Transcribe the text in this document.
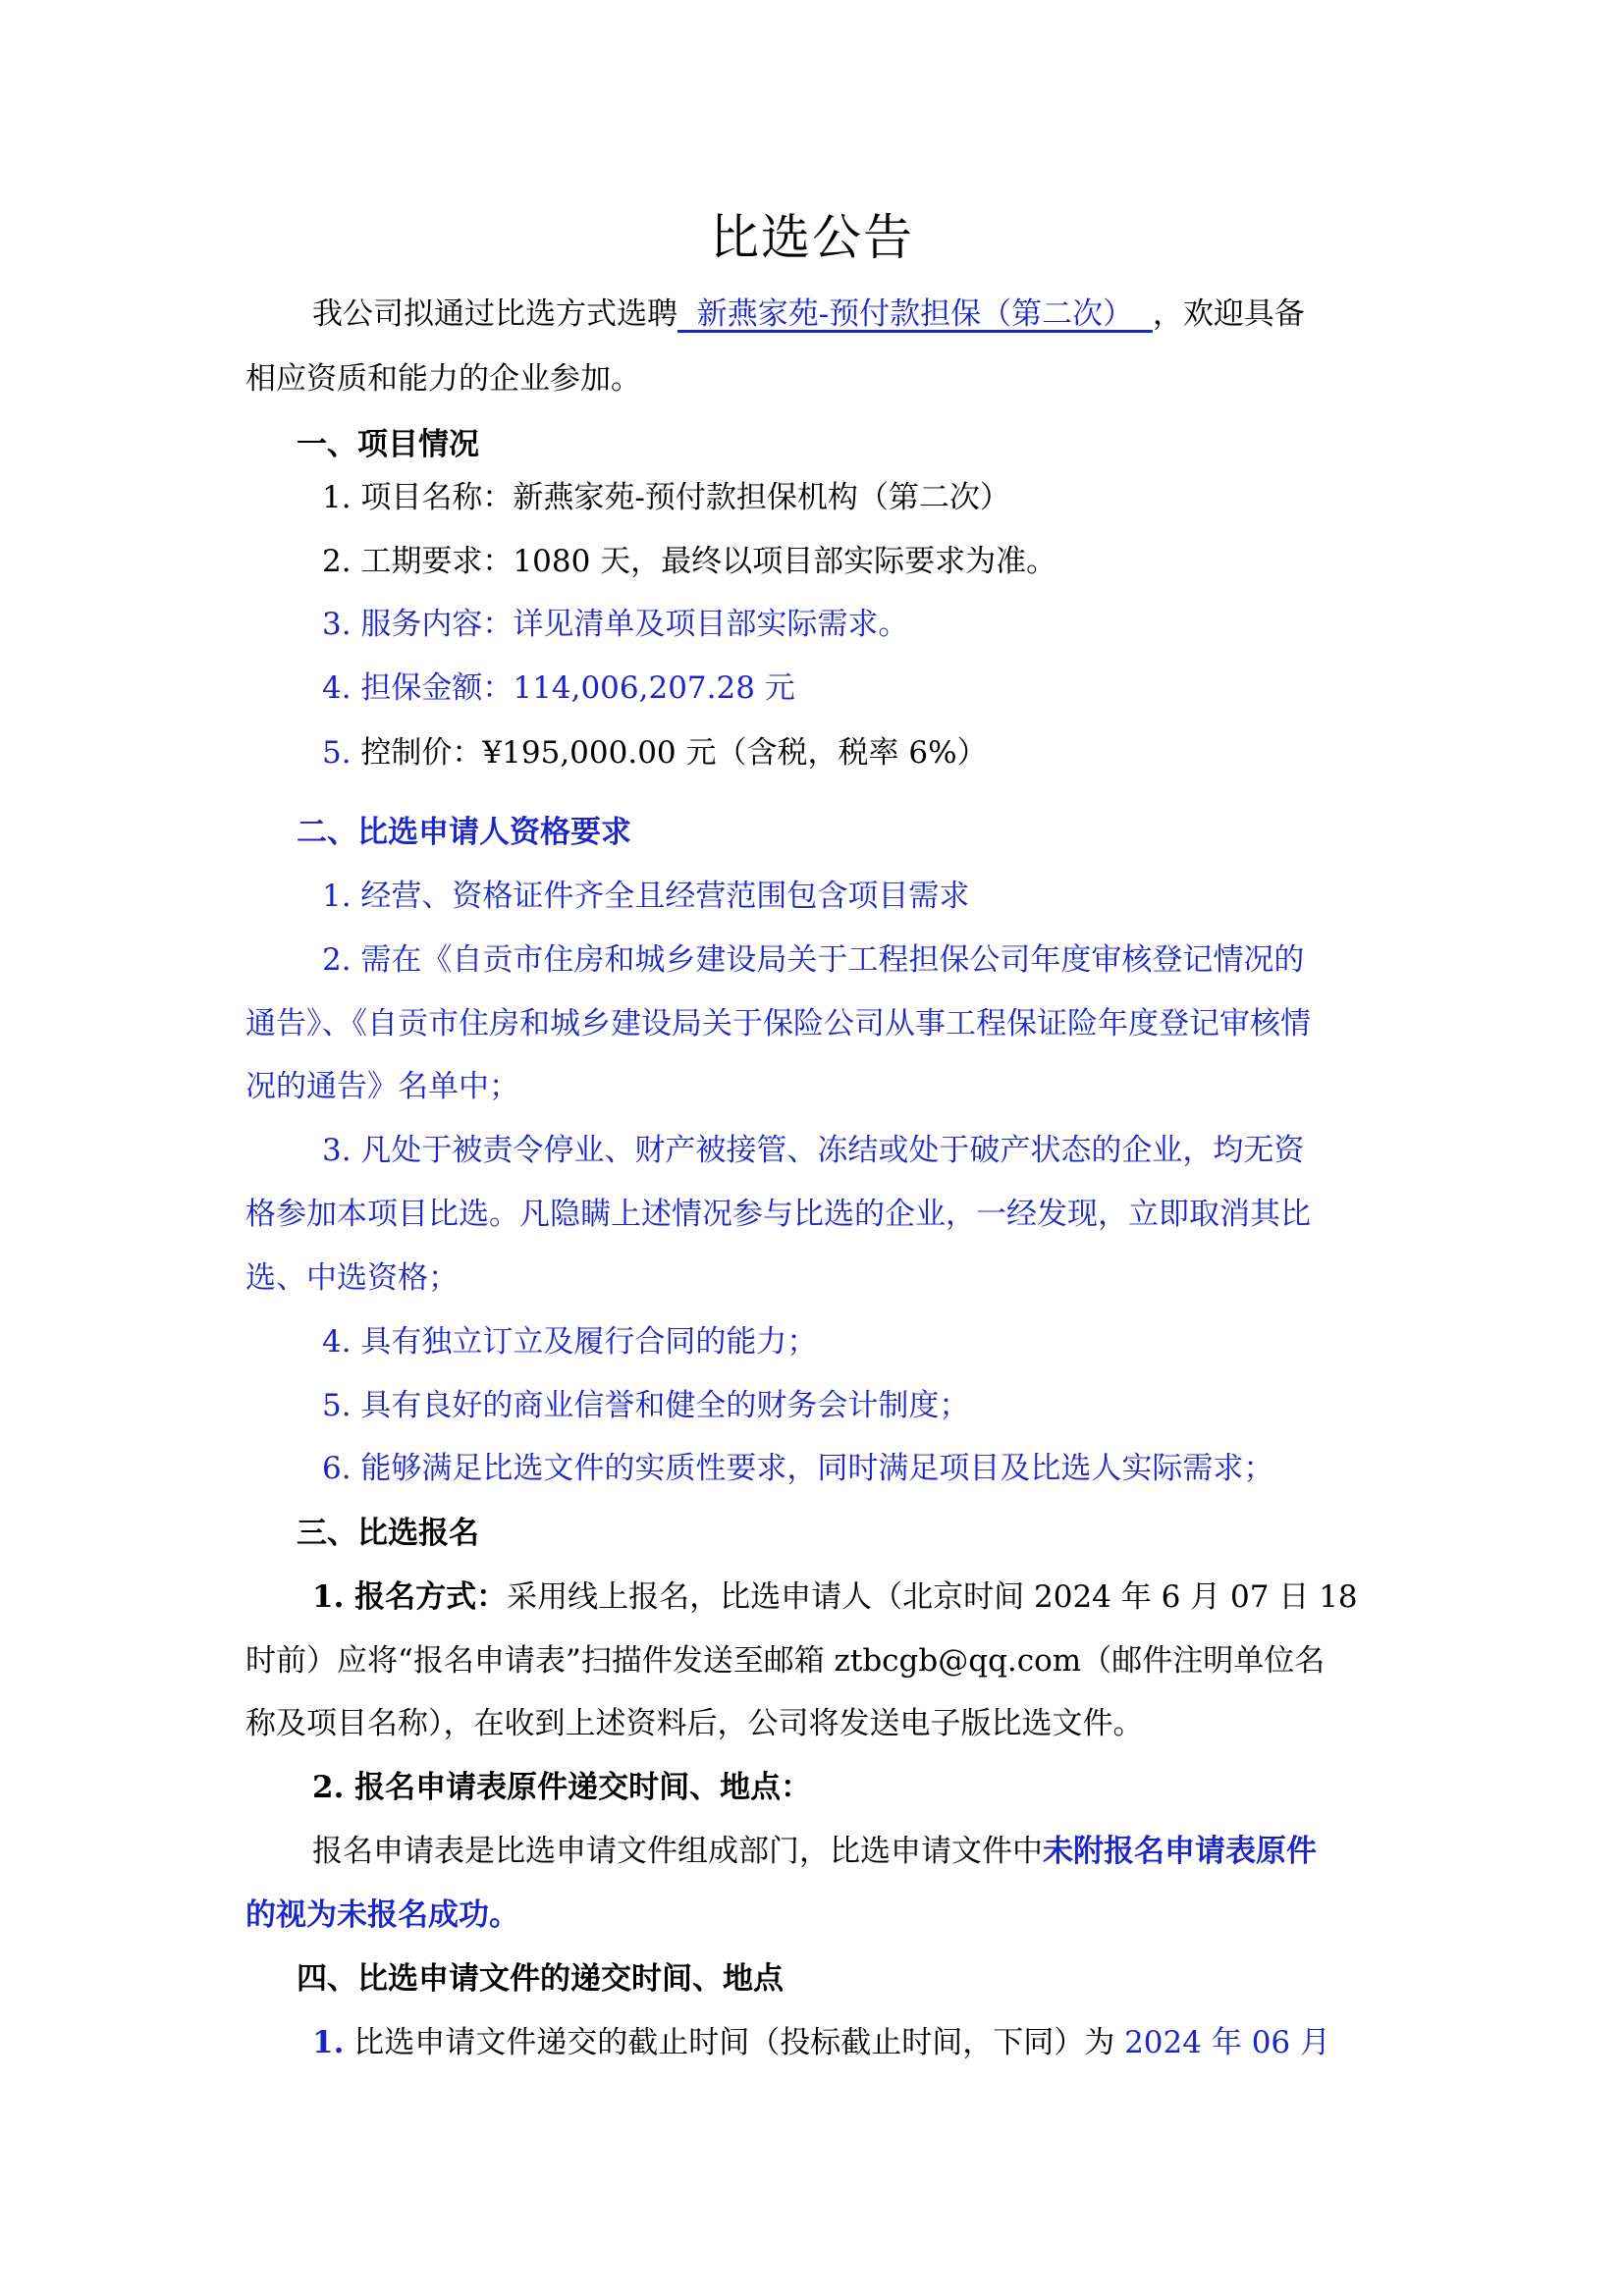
比选公告
我公司拟通过比选方式选聘  新燕家苑-预付款担保（第二次）  ，欢迎具备
相应资质和能力的企业参加。
一、项目情况
1. 项目名称：新燕家苑-预付款担保机构（第二次）
2. 工期要求：1080 天，最终以项目部实际要求为准。
3. 服务内容：详见清单及项目部实际需求。
4. 担保金额：114,006,207.28 元
5. 控制价：¥195,000.00 元（含税，税率 6%）
二、比选申请人资格要求
1. 经营、资格证件齐全且经营范围包含项目需求
2. 需在《自贡市住房和城乡建设局关于工程担保公司年度审核登记情况的
通告》、《自贡市住房和城乡建设局关于保险公司从事工程保证险年度登记审核情
况的通告》名单中；
3. 凡处于被责令停业、财产被接管、冻结或处于破产状态的企业，均无资
格参加本项目比选。凡隐瞒上述情况参与比选的企业，一经发现，立即取消其比
选、中选资格；
4. 具有独立订立及履行合同的能力；
5. 具有良好的商业信誉和健全的财务会计制度；
6. 能够满足比选文件的实质性要求，同时满足项目及比选人实际需求；
三、比选报名
1. 报名方式：采用线上报名，比选申请人（北京时间 2024 年 6 月 07 日 18
时前）应将“报名申请表”扫描件发送至邮箱 ztbcgb@qq.com（邮件注明单位名
称及项目名称），在收到上述资料后，公司将发送电子版比选文件。
2. 报名申请表原件递交时间、地点：
报名申请表是比选申请文件组成部门，比选申请文件中未附报名申请表原件
的视为未报名成功。
四、比选申请文件的递交时间、地点
1. 比选申请文件递交的截止时间（投标截止时间，下同）为 2024 年 06 月
